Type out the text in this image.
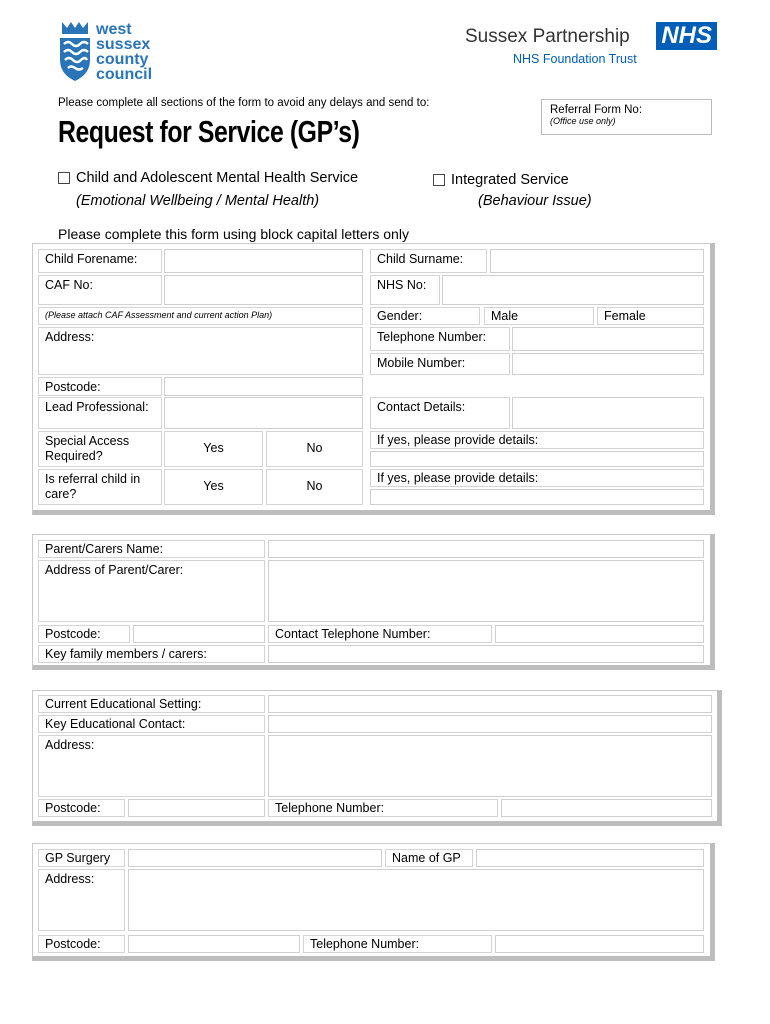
west
sussex
county
council
Sussex Partnership NHS
NHS Foundation Trust
Please complete all sections of the form to avoid any delays and send to:
Referral Form No:
(Office use only)
Request for Service (GP’s)
Child and Adolescent Mental Health Service
(Emotional Wellbeing / Mental Health)
Integrated Service
(Behaviour Issue)
Please complete this form using block capital letters only
Child Forename:	Child Surname:
CAF No:	NHS No:
(Please attach CAF Assessment and current action Plan)	Gender:	Male	Female
Address:	Telephone Number:
Mobile Number:
Postcode:
Lead Professional:	Contact Details:
Special Access Required?
Yes	No
If yes, please provide details:
Is referral child in care?
Yes	No
If yes, please provide details:
Parent/Carers Name:
Address of Parent/Carer:
Postcode:	Contact Telephone Number:
Key family members / carers:
Current Educational Setting:
Key Educational Contact:
Address:
Postcode:	Telephone Number:
GP Surgery	Name of GP
Address:
Postcode:	Telephone Number:
